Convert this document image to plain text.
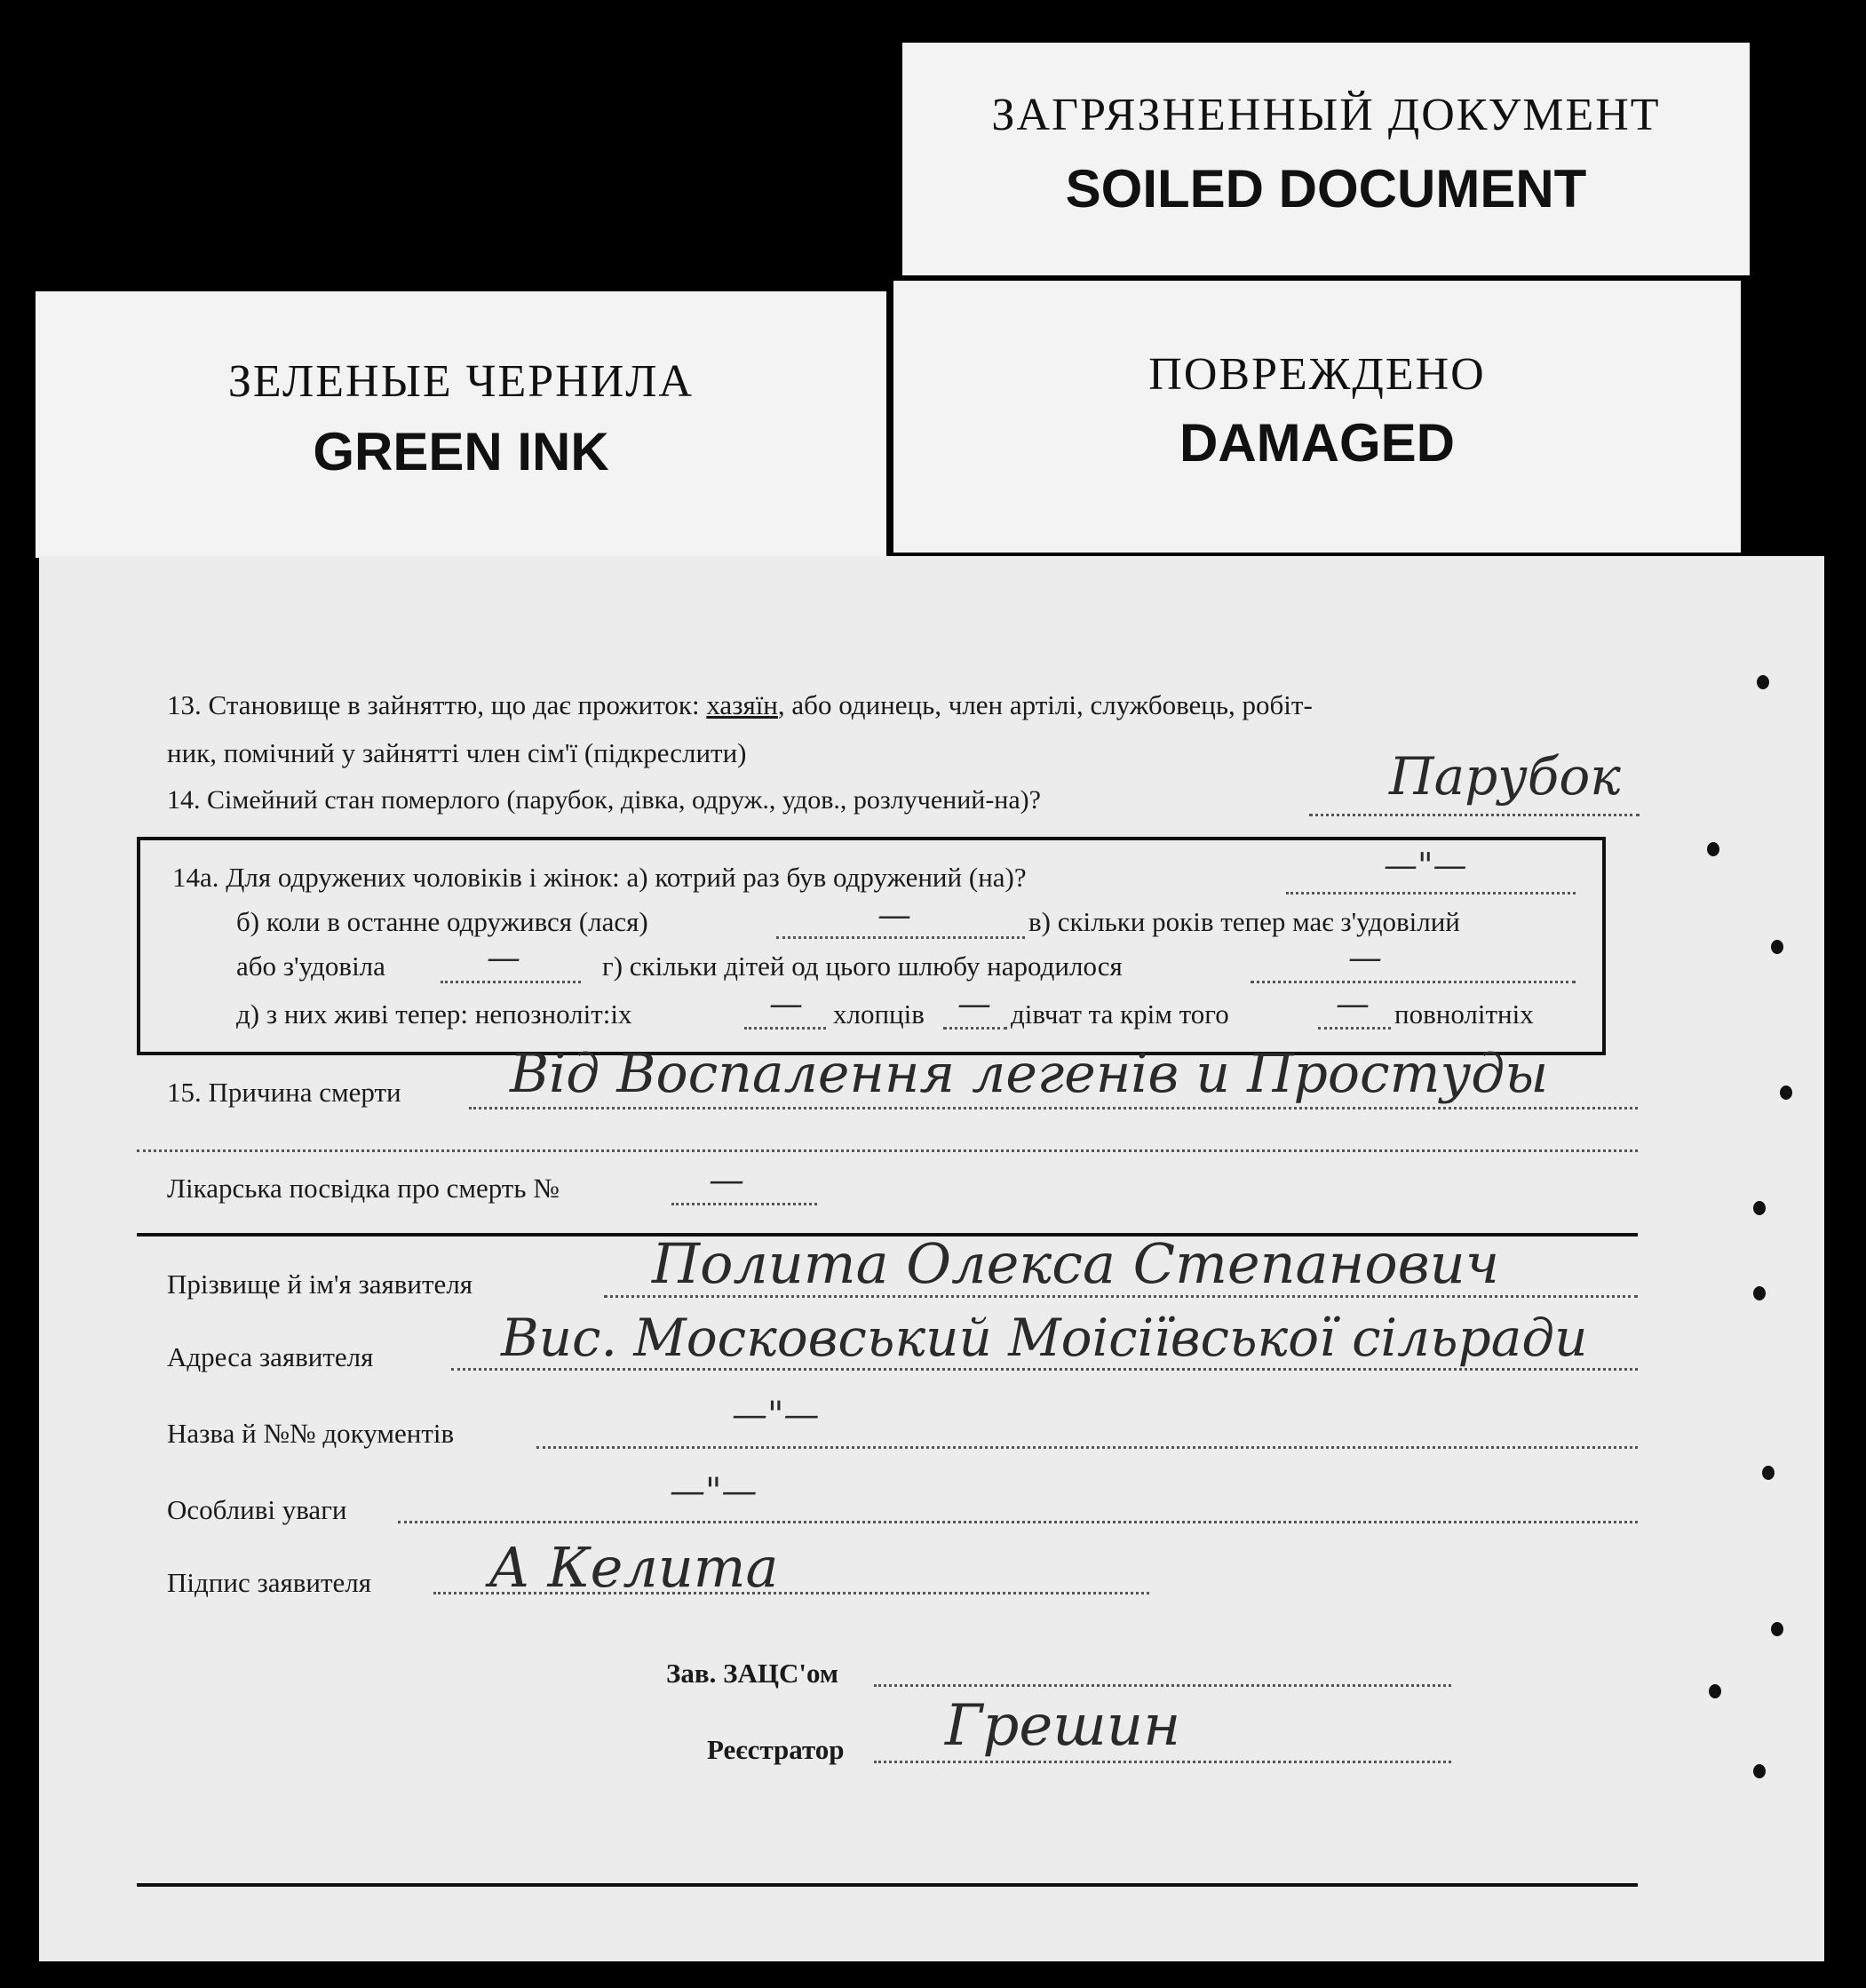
ЗАГРЯЗНЕННЫЙ ДОКУМЕНТ
SOILED DOCUMENT
ЗЕЛЕНЫЕ ЧЕРНИЛА
GREEN INK
ПОВРЕЖДЕНО
DAMAGED
13. Становище в зайняттю, що дає прожиток: хазяїн, або одинець, член артілі, службовець, робіт-
ник, помічний у зайнятті член сім'ї (підкреслити)
14. Сімейний стан померлого (парубок, дівка, одруж., удов., розлучений-на)?	Парубок
14а. Для одружених чоловіків і жінок: а) котрий раз був одружений (на)?	—"—
б) коли в останне одружився (лася)	—	в) скільки років тепер має з'удовілий
або з'удовіла	—	г) скільки дітей од цього шлюбу народилося	—
д) з них живі тепер: непозноліт:іх	— хлопців — дівчат та крім того	— повнолітніх
15. Причина смерти Від Воспалення легенів и Простуды
Лікарська посвідка про смерть №	—
Прізвище й ім'я заявителя	Полита Олекса Степанович
Адреса заявителя Вис. Московський Моісіївської сільради
Назва й №№ документів	—"—
Особливі уваги	—"—
Підпис заявителя А Келита
Зав. ЗАЦС'ом
Реєстратор Грешин
